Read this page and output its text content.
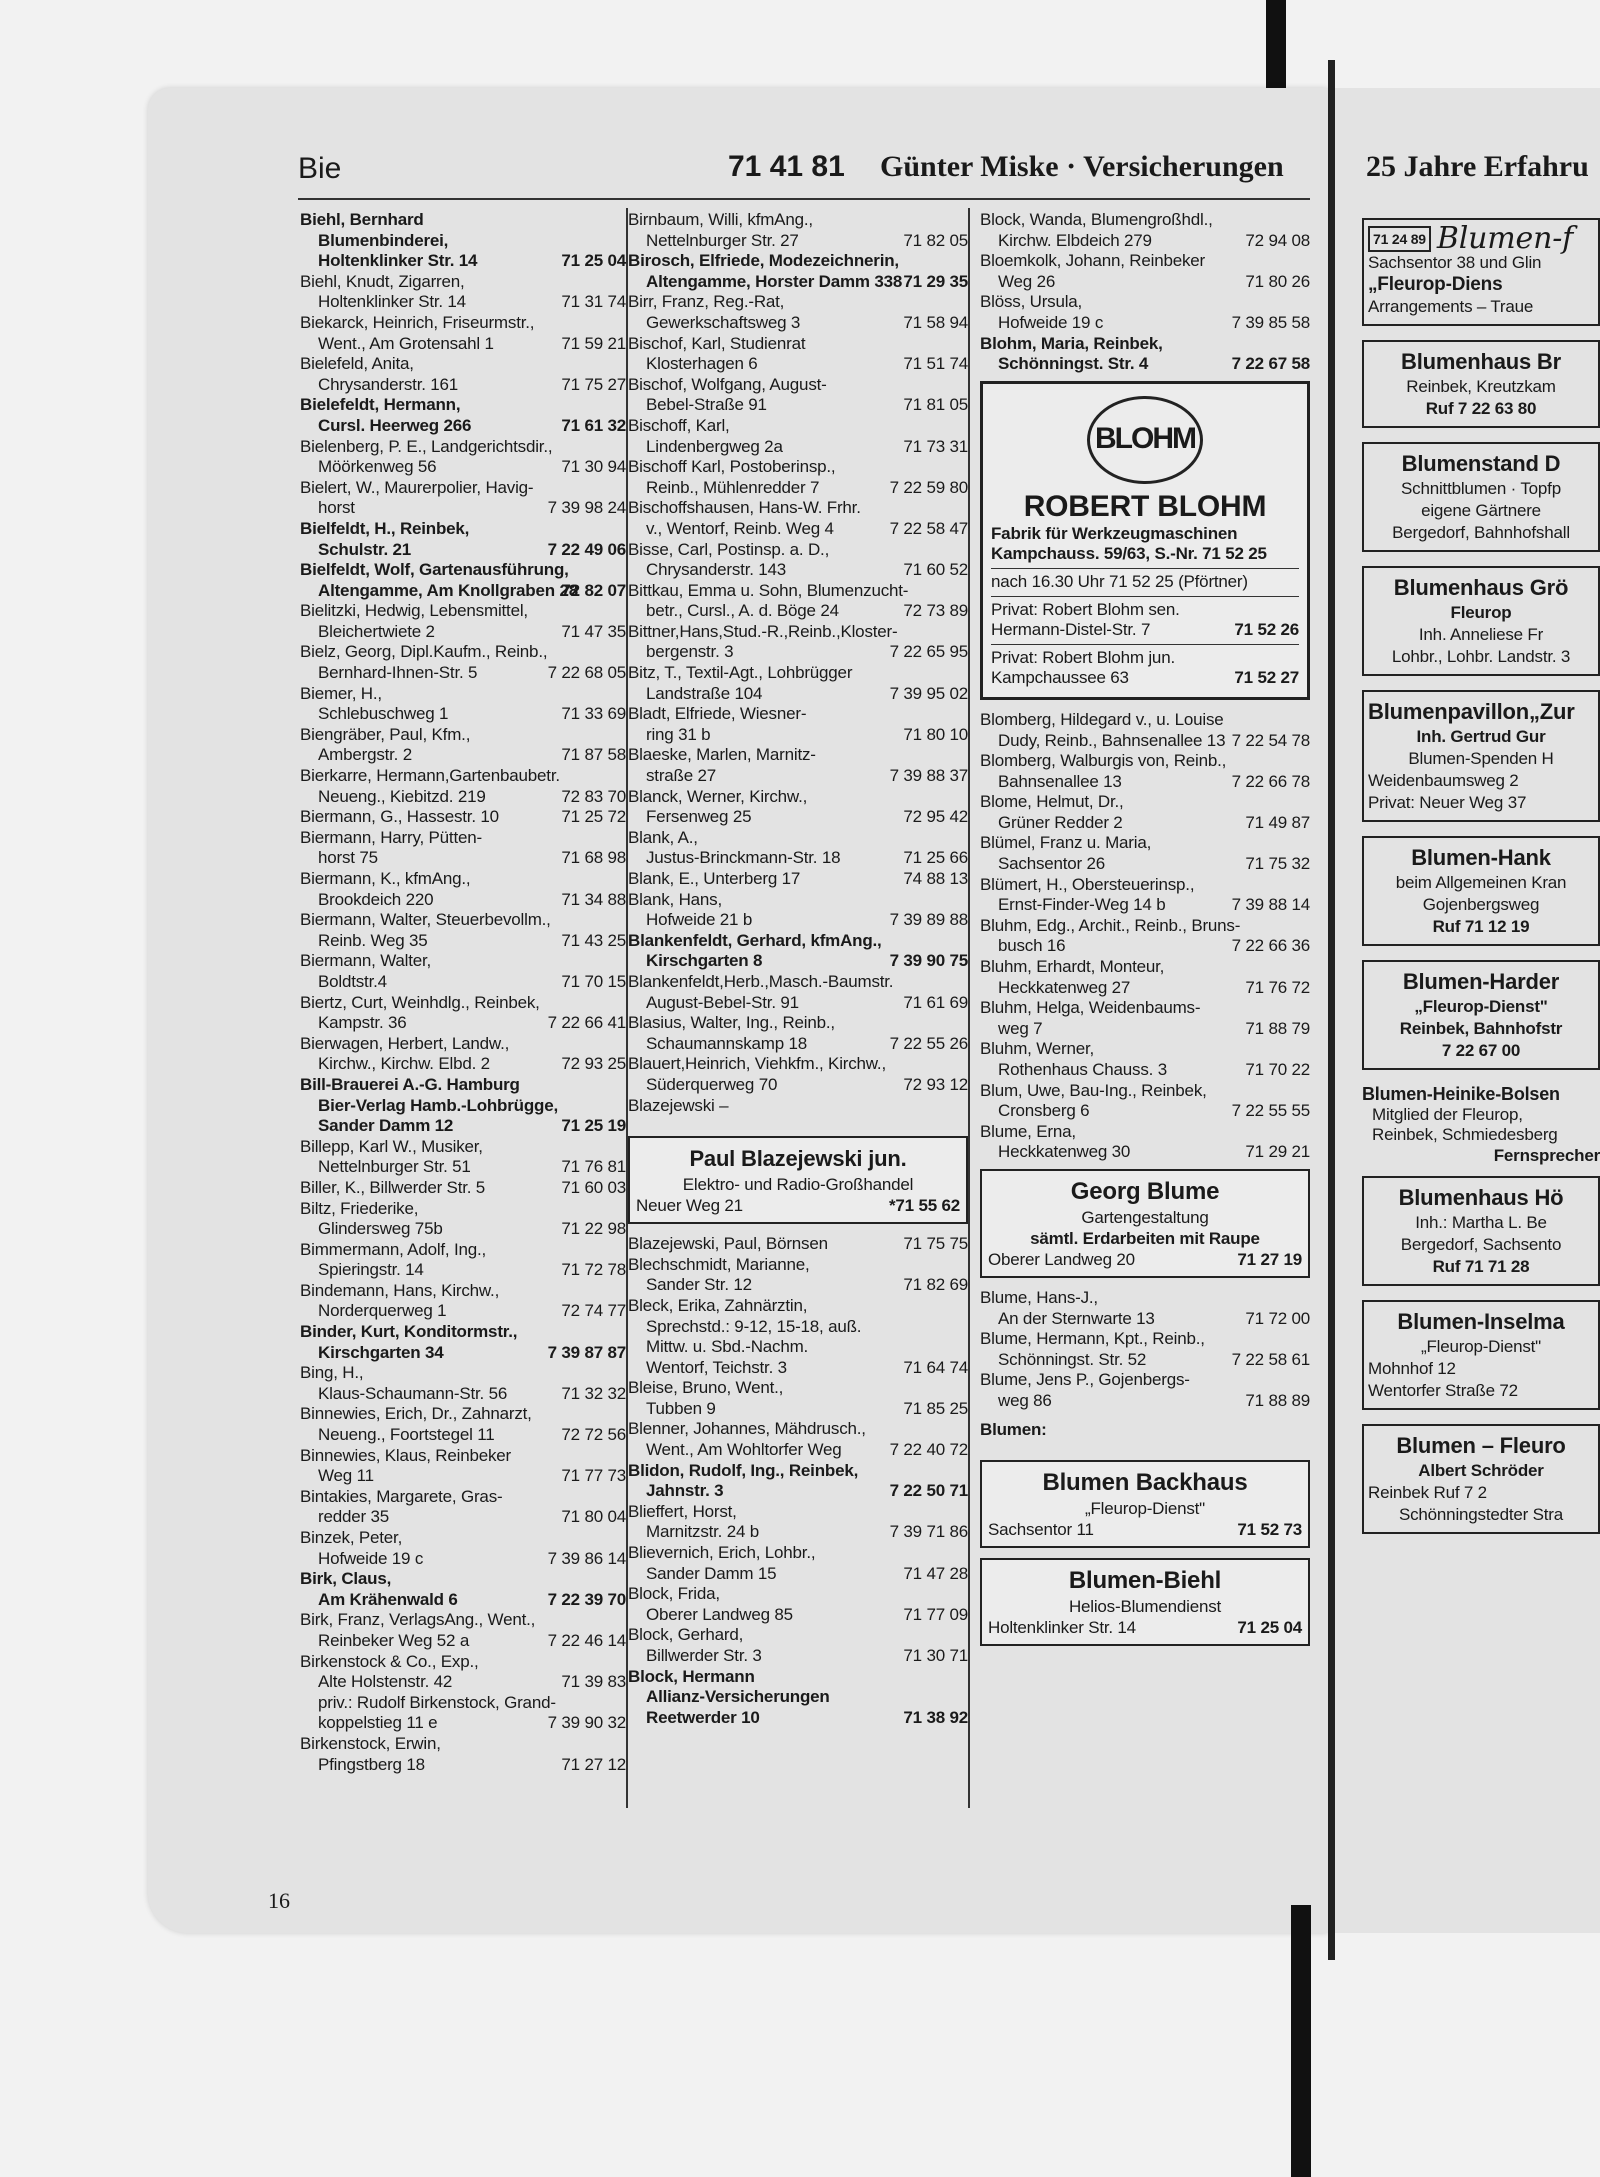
Bie	71 41 81 Günter Miske · Versicherungen	25 Jahre Erfahru
Biehl, Bernhard
Blumenbinderei,
Holtenklinker Str. 14	71 25 04
Biehl, Knudt, Zigarren,
Holtenklinker Str. 14	71 31 74
Biekarck, Heinrich, Friseurmstr.,
Went., Am Grotensahl 1	71 59 21
Bielefeld, Anita,
Chrysanderstr. 161	71 75 27
Bielefeldt, Hermann,
Cursl. Heerweg 266	71 61 32
Bielenberg, P. E., Landgerichtsdir.,
Möörkenweg 56	71 30 94
Bielert, W., Maurerpolier, Havig-
horst	7 39 98 24
Bielfeldt, H., Reinbek,
Schulstr. 21	7 22 49 06
Bielfeldt, Wolf, Gartenausführung,
Altengamme, Am Knollgraben 28
72 82 07
Bielitzki, Hedwig, Lebensmittel,
Bleichertwiete 2	71 47 35
Bielz, Georg, Dipl.Kaufm., Reinb.,
Bernhard-Ihnen-Str. 5	7 22 68 05
Biemer, H.,
Schlebuschweg 1	71 33 69
Biengräber, Paul, Kfm.,
Ambergstr. 2	71 87 58
Bierkarre, Hermann,Gartenbaubetr.
Neueng., Kiebitzd. 219	72 83 70
Biermann, G., Hassestr. 10	71 25 72
Biermann, Harry, Pütten-
horst 75	71 68 98
Biermann, K., kfmAng.,
Brookdeich 220	71 34 88
Biermann, Walter, Steuerbevollm.,
Reinb. Weg 35	71 43 25
Biermann, Walter,
Boldtstr.4	71 70 15
Biertz, Curt, Weinhdlg., Reinbek,
Kampstr. 36	7 22 66 41
Bierwagen, Herbert, Landw.,
Kirchw., Kirchw. Elbd. 2	72 93 25
Bill-Brauerei A.-G. Hamburg
Bier-Verlag Hamb.-Lohbrügge,
Sander Damm 12	71 25 19
Billepp, Karl W., Musiker,
Nettelnburger Str. 51	71 76 81
Biller, K., Billwerder Str. 5	71 60 03
Biltz, Friederike,
Glindersweg 75b	71 22 98
Bimmermann, Adolf, Ing.,
Spieringstr. 14	71 72 78
Bindemann, Hans, Kirchw.,
Norderquerweg 1	72 74 77
Binder, Kurt, Konditormstr.,
Kirschgarten 34	7 39 87 87
Bing, H.,
Klaus-Schaumann-Str. 56	71 32 32
Binnewies, Erich, Dr., Zahnarzt,
Neueng., Foortstegel 11	72 72 56
Binnewies, Klaus, Reinbeker
Weg 11	71 77 73
Bintakies, Margarete, Gras-
redder 35	71 80 04
Binzek, Peter,
Hofweide 19 c	7 39 86 14
Birk, Claus,
Am Krähenwald 6	7 22 39 70
Birk, Franz, VerlagsAng., Went.,
Reinbeker Weg 52 a	7 22 46 14
Birkenstock & Co., Exp.,
Alte Holstenstr. 42	71 39 83
priv.: Rudolf Birkenstock, Grand-
koppelstieg 11 e	7 39 90 32
Birkenstock, Erwin,
Pfingstberg 18	71 27 12
Birnbaum, Willi, kfmAng.,
Nettelnburger Str. 27	71 82 05
Birosch, Elfriede, Modezeichnerin,
Altengamme, Horster Damm 338 71 29 35
Birr, Franz, Reg.-Rat,
Gewerkschaftsweg 3	71 58 94
Bischof, Karl, Studienrat
Klosterhagen 6	71 51 74
Bischof, Wolfgang, August-
Bebel-Straße 91	71 81 05
Bischoff, Karl,
Lindenbergweg 2a	71 73 31
Bischoff Karl, Postoberinsp.,
Reinb., Mühlenredder 7	7 22 59 80
Bischoffshausen, Hans-W. Frhr.
v., Wentorf, Reinb. Weg 4	7 22 58 47
Bisse, Carl, Postinsp. a. D.,
Chrysanderstr. 143	71 60 52
Bittkau, Emma u. Sohn, Blumenzucht-
betr., Cursl., A. d. Böge 24	72 73 89
Bittner,Hans,Stud.-R.,Reinb.,Kloster-
bergenstr. 3	7 22 65 95
Bitz, T., Textil-Agt., Lohbrügger
Landstraße 104	7 39 95 02
Bladt, Elfriede, Wiesner-
ring 31 b	71 80 10
Blaeske, Marlen, Marnitz-
straße 27	7 39 88 37
Blanck, Werner, Kirchw.,
Fersenweg 25	72 95 42
Blank, A.,
Justus-Brinckmann-Str. 18	71 25 66
Blank, E., Unterberg 17	74 88 13
Blank, Hans,
Hofweide 21 b	7 39 89 88
Blankenfeldt, Gerhard, kfmAng.,
Kirschgarten 8	7 39 90 75
Blankenfeldt,Herb.,Masch.-Baumstr.
August-Bebel-Str. 91	71 61 69
Blasius, Walter, Ing., Reinb.,
Schaumannskamp 18	7 22 55 26
Blauert,Heinrich, Viehkfm., Kirchw.,
Süderquerweg 70	72 93 12
Blazejewski –
Paul Blazejewski jun.
Elektro- und Radio-Großhandel
Neuer Weg 21	*71 55 62
Blazejewski, Paul, Börnsen	71 75 75
Blechschmidt, Marianne,
Sander Str. 12	71 82 69
Bleck, Erika, Zahnärztin,
Sprechstd.: 9-12, 15-18, auß.
Mittw. u. Sbd.-Nachm.
Wentorf, Teichstr. 3	71 64 74
Bleise, Bruno, Went.,
Tubben 9	71 85 25
Blenner, Johannes, Mähdrusch.,
Went., Am Wohltorfer Weg	7 22 40 72
Blidon, Rudolf, Ing., Reinbek,
Jahnstr. 3	7 22 50 71
Blieffert, Horst,
Marnitzstr. 24 b	7 39 71 86
Blievernich, Erich, Lohbr.,
Sander Damm 15	71 47 28
Block, Frida,
Oberer Landweg 85	71 77 09
Block, Gerhard,
Billwerder Str. 3	71 30 71
Block, Hermann
Allianz-Versicherungen
Reetwerder 10	71 38 92
Block, Wanda, Blumengroßhdl.,
Kirchw. Elbdeich 279	72 94 08
Bloemkolk, Johann, Reinbeker
Weg 26	71 80 26
Blöss, Ursula,
Hofweide 19 c	7 39 85 58
Blohm, Maria, Reinbek,
Schönningst. Str. 4	7 22 67 58
BLOHM
ROBERT BLOHM
Fabrik für Werkzeugmaschinen
Kampchauss. 59/63, S.-Nr. 71 52 25
nach 16.30 Uhr 71 52 25 (Pförtner)
Privat: Robert Blohm sen.
Hermann-Distel-Str. 7	71 52 26
Privat: Robert Blohm jun.
Kampchaussee 63	71 52 27
Blomberg, Hildegard v., u. Louise
Dudy, Reinb., Bahnsenallee 13 7 22 54 78
Blomberg, Walburgis von, Reinb.,
Bahnsenallee 13	7 22 66 78
Blome, Helmut, Dr.,
Grüner Redder 2	71 49 87
Blümel, Franz u. Maria,
Sachsentor 26	71 75 32
Blümert, H., Obersteuerinsp.,
Ernst-Finder-Weg 14 b	7 39 88 14
Bluhm, Edg., Archit., Reinb., Bruns-
busch 16	7 22 66 36
Bluhm, Erhardt, Monteur,
Heckkatenweg 27	71 76 72
Bluhm, Helga, Weidenbaums-
weg 7	71 88 79
Bluhm, Werner,
Rothenhaus Chauss. 3	71 70 22
Blum, Uwe, Bau-Ing., Reinbek,
Cronsberg 6	7 22 55 55
Blume, Erna,
Heckkatenweg 30	71 29 21
Georg Blume
Gartengestaltung
sämtl. Erdarbeiten mit Raupe
Oberer Landweg 20	71 27 19
Blume, Hans-J.,
An der Sternwarte 13	71 72 00
Blume, Hermann, Kpt., Reinb.,
Schönningst. Str. 52	7 22 58 61
Blume, Jens P., Gojenbergs-
weg 86	71 88 89
Blumen:
Blumen Backhaus
„Fleurop-Dienst"
Sachsentor 11	71 52 73
Blumen-Biehl
Helios-Blumendienst
Holtenklinker Str. 14	71 25 04
71 24 89 Blumen-f
Sachsentor 38 und Glin
„Fleurop-Diens
Arrangements – Traue
Blumenhaus Br
Reinbek, Kreutzkam
Ruf 7 22 63 80
Blumenstand D
Schnittblumen · Topfp
eigene Gärtnere
Bergedorf, Bahnhofshall
Blumenhaus Grö
Fleurop
Inh. Anneliese Fr
Lohbr., Lohbr. Landstr. 3
Blumenpavillon„Zur
Inh. Gertrud Gur
Blumen-Spenden H
Weidenbaumsweg 2
Privat: Neuer Weg 37
Blumen-Hank
beim Allgemeinen Kran
Gojenbergsweg
Ruf 71 12 19
Blumen-Harder
„Fleurop-Dienst"
Reinbek, Bahnhofstr
7 22 67 00
Blumen-Heinike-Bolsen
Mitglied der Fleurop,
Reinbek, Schmiedesberg
Fernsprecher
Blumenhaus Hö
Inh.: Martha L. Be
Bergedorf, Sachsento
Ruf 71 71 28
Blumen-Inselma
„Fleurop-Dienst"
Mohnhof 12
Wentorfer Straße 72
Blumen – Fleuro
Albert Schröder
Reinbek Ruf 7 2
Schönningstedter Stra
16
